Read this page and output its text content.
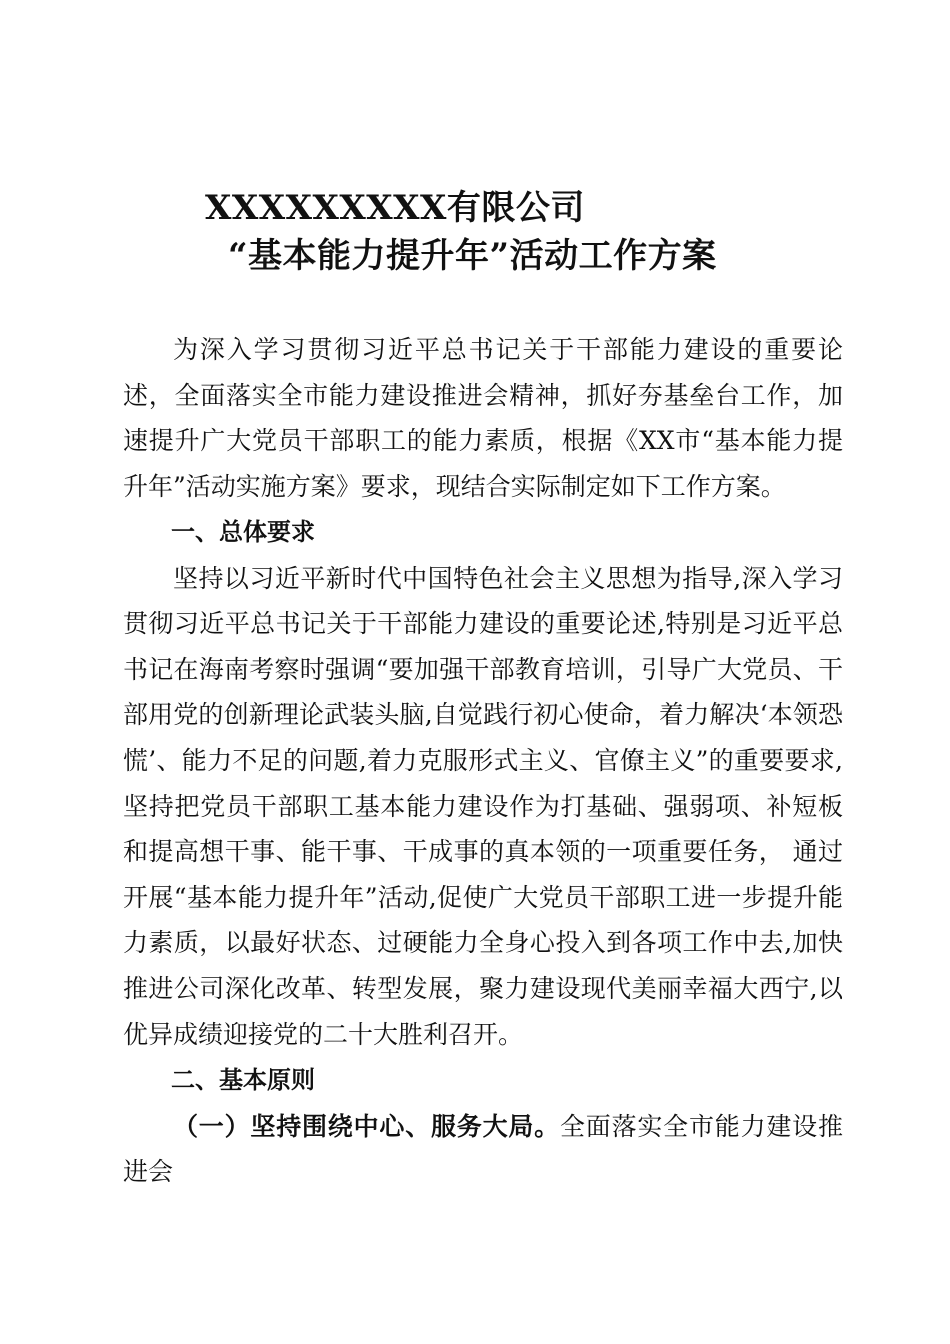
XXXXXXXXX有限公司
“基本能力提升年”活动工作方案

为深入学习贯彻习近平总书记关于干部能力建设的重要论述，全面落实全市能力建设推进会精神，抓好夯基垒台工作，加速提升广大党员干部职工的能力素质，根据《XX市“基本能力提升年”活动实施方案》要求，现结合实际制定如下工作方案。

一、总体要求

坚持以习近平新时代中国特色社会主义思想为指导,深入学习贯彻习近平总书记关于干部能力建设的重要论述,特别是习近平总书记在海南考察时强调“要加强干部教育培训，引导广大党员、干部用党的创新理论武装头脑,自觉践行初心使命，着力解决‘本领恐慌’、能力不足的问题,着力克服形式主义、官僚主义”的重要要求,坚持把党员干部职工基本能力建设作为打基础、强弱项、补短板和提高想干事、能干事、干成事的真本领的一项重要任务， 通过开展“基本能力提升年”活动,促使广大党员干部职工进一步提升能力素质，以最好状态、过硬能力全身心投入到各项工作中去,加快推进公司深化改革、转型发展，聚力建设现代美丽幸福大西宁,以优异成绩迎接党的二十大胜利召开。

二、基本原则

（一）坚持围绕中心、服务大局。全面落实全市能力建设推进会
